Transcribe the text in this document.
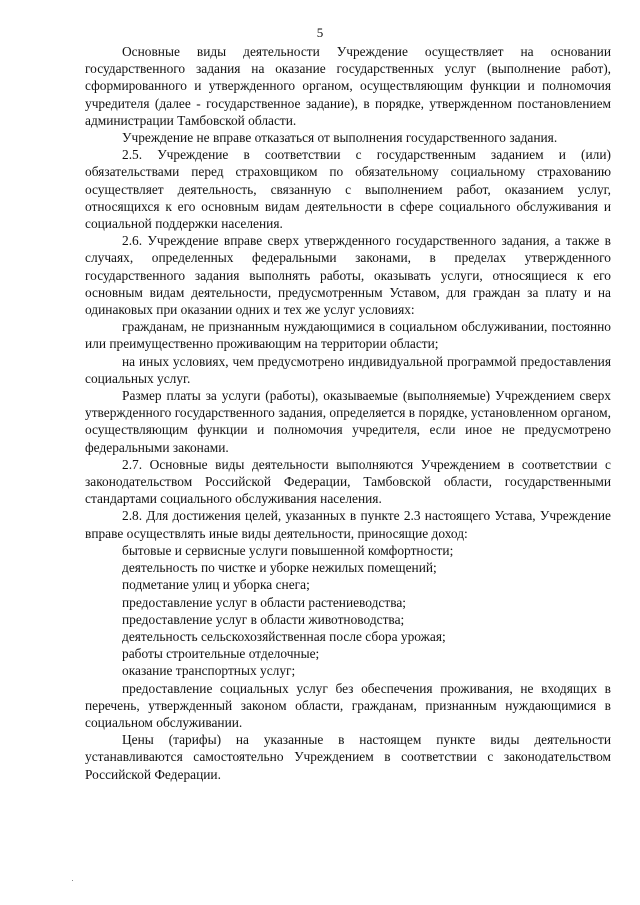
5

Основные виды деятельности Учреждение осуществляет на основании государственного задания на оказание государственных услуг (выполнение работ), сформированного и утвержденного органом, осуществляющим функции и полномочия учредителя (далее - государственное задание), в порядке, утвержденном постановлением администрации Тамбовской области.

Учреждение не вправе отказаться от выполнения государственного задания.

2.5. Учреждение в соответствии с государственным заданием и (или) обязательствами перед страховщиком по обязательному социальному страхованию осуществляет деятельность, связанную с выполнением работ, оказанием услуг, относящихся к его основным видам деятельности в сфере социального обслуживания и социальной поддержки населения.

2.6. Учреждение вправе сверх утвержденного государственного задания, а также в случаях, определенных федеральными законами, в пределах утвержденного государственного задания выполнять работы, оказывать услуги, относящиеся к его основным видам деятельности, предусмотренным Уставом, для граждан за плату и на одинаковых при оказании одних и тех же услуг условиях:

гражданам, не признанным нуждающимися в социальном обслуживании, постоянно или преимущественно проживающим на территории области;

на иных условиях, чем предусмотрено индивидуальной программой предоставления социальных услуг.

Размер платы за услуги (работы), оказываемые (выполняемые) Учреждением сверх утвержденного государственного задания, определяется в порядке, установленном органом, осуществляющим функции и полномочия учредителя, если иное не предусмотрено федеральными законами.

2.7. Основные виды деятельности выполняются Учреждением в соответствии с законодательством Российской Федерации, Тамбовской области, государственными стандартами социального обслуживания населения.

2.8. Для достижения целей, указанных в пункте 2.3 настоящего Устава, Учреждение вправе осуществлять иные виды деятельности, приносящие доход:

бытовые и сервисные услуги повышенной комфортности;

деятельность по чистке и уборке нежилых помещений;

подметание улиц и уборка снега;

предоставление услуг в области растениеводства;

предоставление услуг в области животноводства;

деятельность сельскохозяйственная после сбора урожая;

работы строительные отделочные;

оказание транспортных услуг;

предоставление социальных услуг без обеспечения проживания, не входящих в перечень, утвержденный законом области, гражданам, признанным нуждающимися в социальном обслуживании.

Цены (тарифы) на указанные в настоящем пункте виды деятельности устанавливаются самостоятельно Учреждением в соответствии с законодательством Российской Федерации.
